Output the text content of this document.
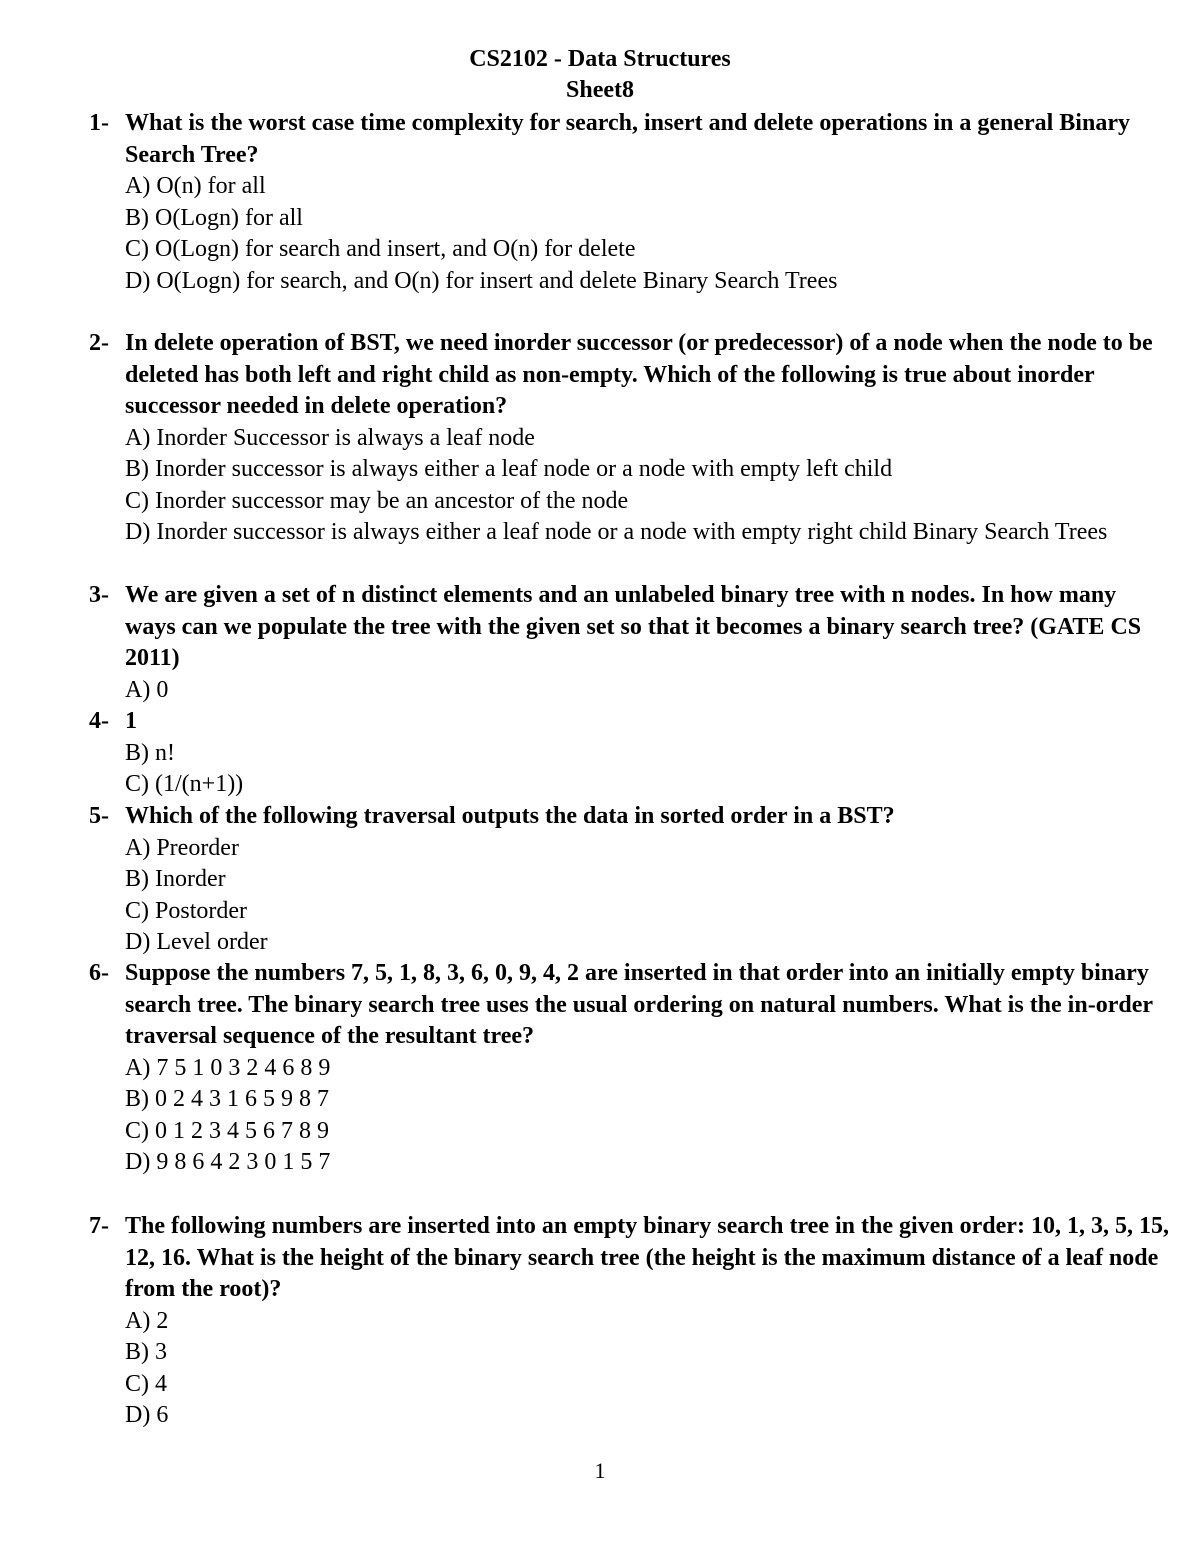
CS2102 - Data Structures
Sheet8
1- What is the worst case time complexity for search, insert and delete operations in a general Binary Search Tree?
A) O(n) for all
B) O(Logn) for all
C) O(Logn) for search and insert, and O(n) for delete
D) O(Logn) for search, and O(n) for insert and delete Binary Search Trees
2- In delete operation of BST, we need inorder successor (or predecessor) of a node when the node to be deleted has both left and right child as non-empty. Which of the following is true about inorder successor needed in delete operation?
A) Inorder Successor is always a leaf node
B) Inorder successor is always either a leaf node or a node with empty left child
C) Inorder successor may be an ancestor of the node
D) Inorder successor is always either a leaf node or a node with empty right child Binary Search Trees
3- We are given a set of n distinct elements and an unlabeled binary tree with n nodes. In how many ways can we populate the tree with the given set so that it becomes a binary search tree? (GATE CS 2011)
A) 0
4- 1
B) n!
C) (1/(n+1))
5- Which of the following traversal outputs the data in sorted order in a BST?
A) Preorder
B) Inorder
C) Postorder
D) Level order
6- Suppose the numbers 7, 5, 1, 8, 3, 6, 0, 9, 4, 2 are inserted in that order into an initially empty binary search tree. The binary search tree uses the usual ordering on natural numbers. What is the in-order traversal sequence of the resultant tree?
A) 7 5 1 0 3 2 4 6 8 9
B) 0 2 4 3 1 6 5 9 8 7
C) 0 1 2 3 4 5 6 7 8 9
D) 9 8 6 4 2 3 0 1 5 7
7- The following numbers are inserted into an empty binary search tree in the given order: 10, 1, 3, 5, 15, 12, 16. What is the height of the binary search tree (the height is the maximum distance of a leaf node from the root)?
A) 2
B) 3
C) 4
D) 6
1
